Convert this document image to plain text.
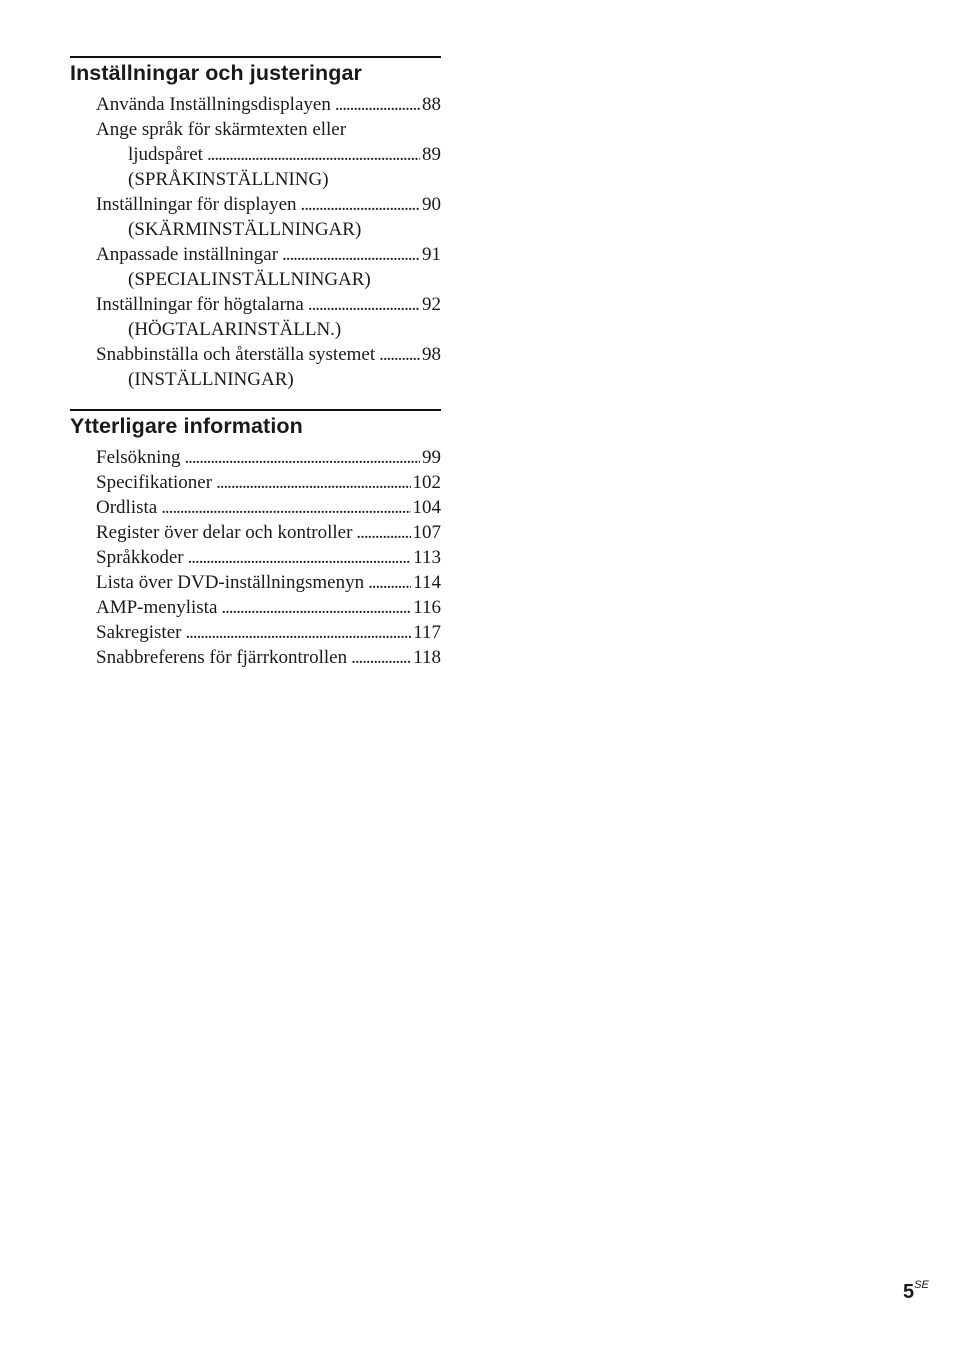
Inställningar och justeringar
Använda Inställningsdisplayen . . .	88
Ange språk för skärmtexten eller
ljudspåret . . .	89
(SPRÅKINSTÄLLNING)
Inställningar för displayen . . .	90
(SKÄRMINSTÄLLNINGAR)
Anpassade inställningar . . .	91
(SPECIALINSTÄLLNINGAR)
Inställningar för högtalarna . . .	92
(HÖGTALARINSTÄLLN.)
Snabbinställa och återställa systemet . . . 98
(INSTÄLLNINGAR)
Ytterligare information
Felsökning . . .	99
Specifikationer . . .	102
Ordlista . . .	104
Register över delar och kontroller . . .	107
Språkkoder . . .	113
Lista över DVD-inställningsmenyn . . .	114
AMP-menylista . . .	116
Sakregister . . .	117
Snabbreferens för fjärrkontrollen . . .	118
$5^{SE}$
